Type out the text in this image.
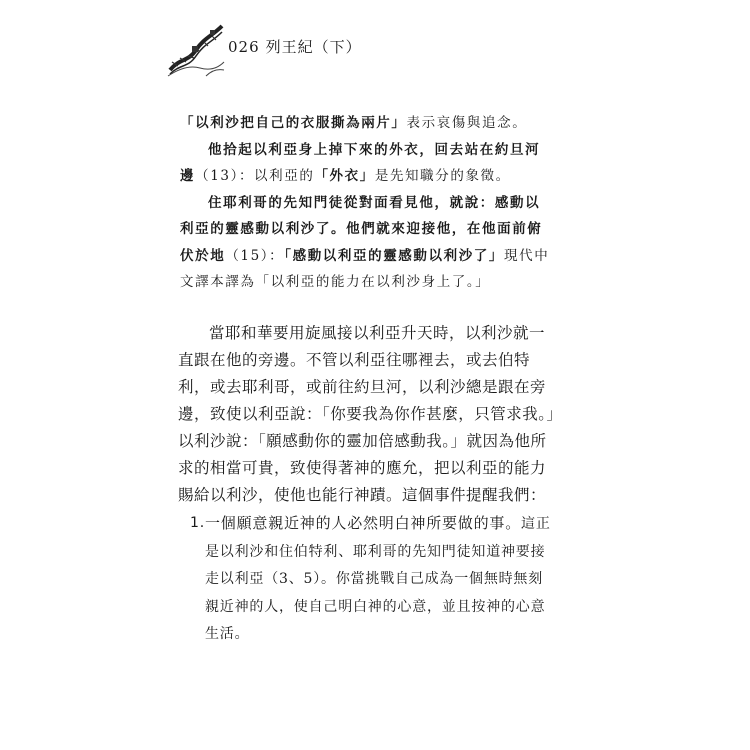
026 列王紀（下）

「以利沙把自己的衣服撕為兩片」表示哀傷與追念。

他拾起以利亞身上掉下來的外衣，回去站在約旦河邊（13）：以利亞的「外衣」是先知職分的象徵。

住耶利哥的先知門徒從對面看見他，就說：感動以利亞的靈感動以利沙了。他們就來迎接他，在他面前俯伏於地（15）：「感動以利亞的靈感動以利沙了」現代中文譯本譯為「以利亞的能力在以利沙身上了。」

當耶和華要用旋風接以利亞升天時，以利沙就一直跟在他的旁邊。不管以利亞往哪裡去，或去伯特利，或去耶利哥，或前往約旦河，以利沙總是跟在旁邊，致使以利亞說：「你要我為你作甚麼，只管求我。」以利沙說：「願感動你的靈加倍感動我。」就因為他所求的相當可貴，致使得著神的應允，把以利亞的能力賜給以利沙，使他也能行神蹟。這個事件提醒我們：

1. 一個願意親近神的人必然明白神所要做的事。這正是以利沙和住伯特利、耶利哥的先知門徒知道神要接走以利亞（3、5）。你當挑戰自己成為一個無時無刻親近神的人，使自己明白神的心意，並且按神的心意生活。
